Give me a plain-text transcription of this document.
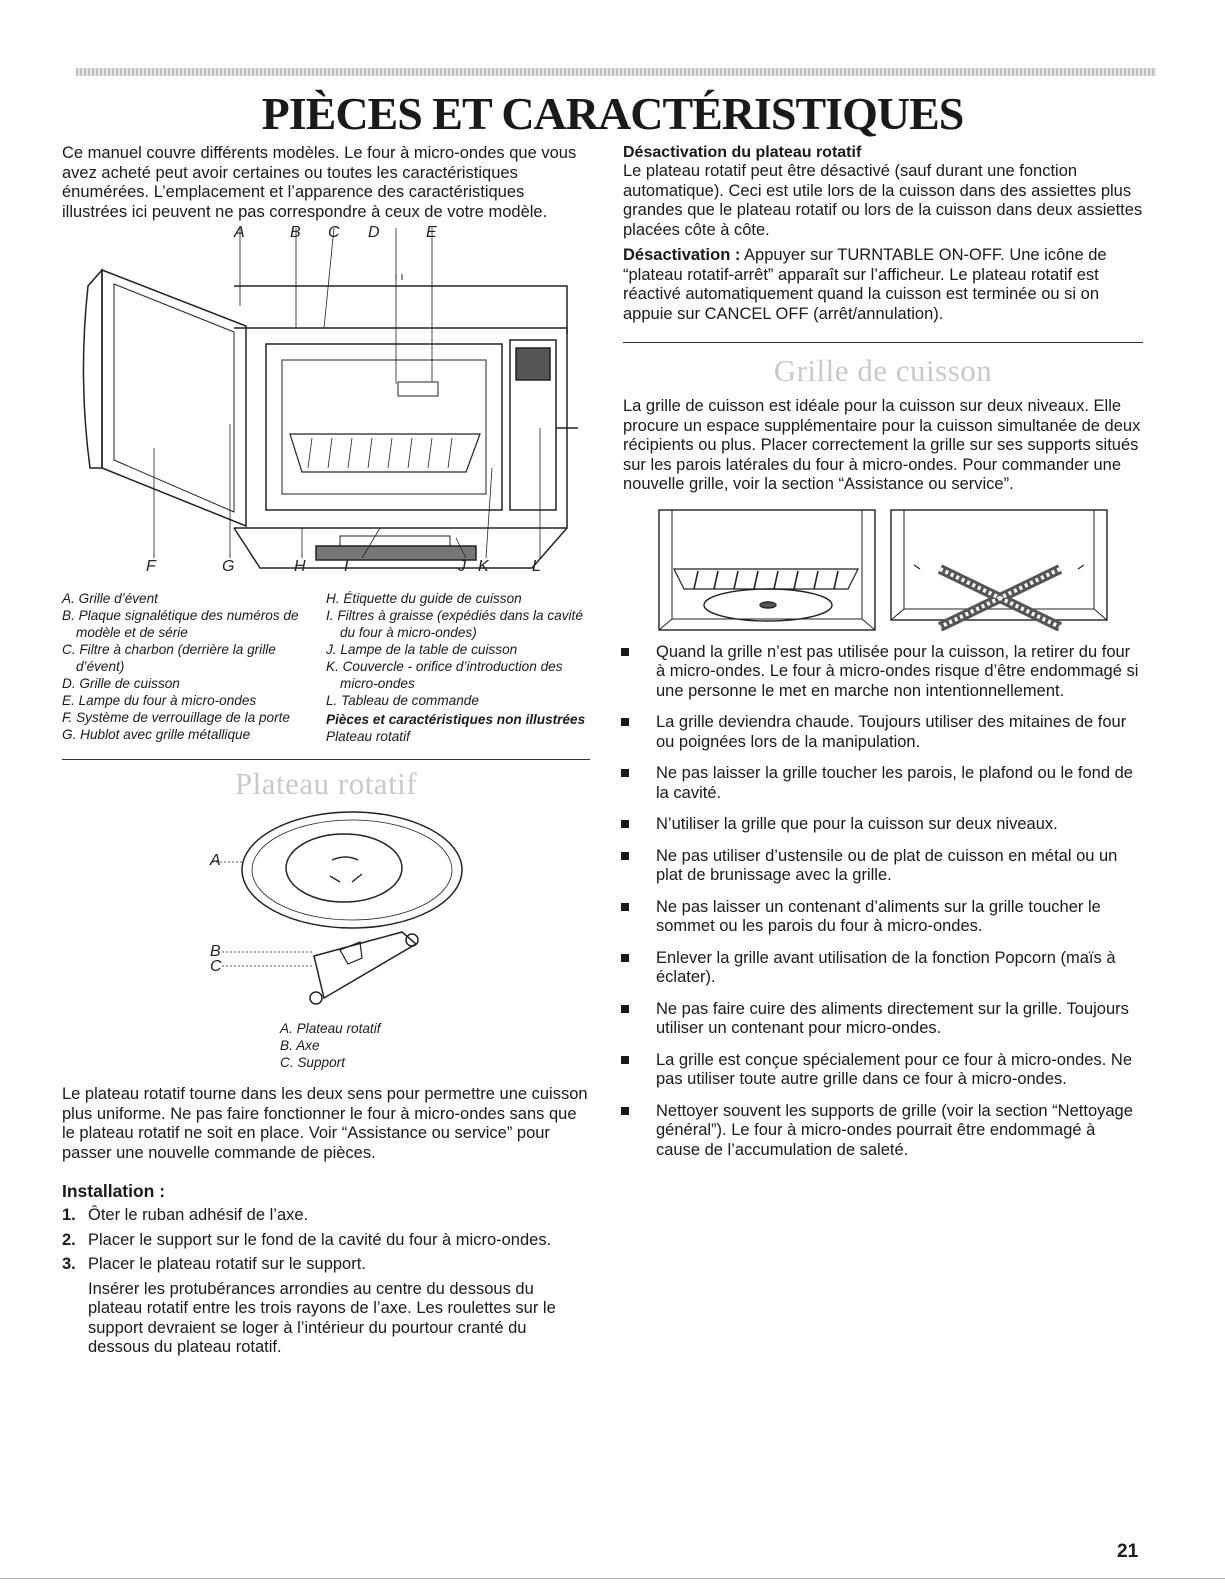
PIÈCES ET CARACTÉRISTIQUES

Ce manuel couvre différents modèles. Le four à micro-ondes que vous avez acheté peut avoir certaines ou toutes les caractéristiques énumérées. L’emplacement et l’apparence des caractéristiques illustrées ici peuvent ne pas correspondre à ceux de votre modèle.

A	B C D	E
F	G	H I	J K	L
A. Grille d’évent
B. Plaque signalétique des numéros de modèle et de série
C. Filtre à charbon (derrière la grille d’évent)
D. Grille de cuisson
E. Lampe du four à micro-ondes
F. Système de verrouillage de la porte
G. Hublot avec grille métallique
H. Étiquette du guide de cuisson
I. Filtres à graisse (expédiés dans la cavité du four à micro-ondes)
J. Lampe de la table de cuisson
K. Couvercle - orifice d’introduction des micro-ondes
L. Tableau de commande
Pièces et caractéristiques non illustrées
Plateau rotatif
Plateau rotatif
A
B
C
A. Plateau rotatif
B. Axe
C. Support

Le plateau rotatif tourne dans les deux sens pour permettre une cuisson plus uniforme. Ne pas faire fonctionner le four à micro-ondes sans que le plateau rotatif ne soit en place. Voir “Assistance ou service” pour passer une nouvelle commande de pièces.

Installation :
1. Ôter le ruban adhésif de l’axe.
2. Placer le support sur le fond de la cavité du four à micro-ondes.
3. Placer le plateau rotatif sur le support.

Insérer les protubérances arrondies au centre du dessous du plateau rotatif entre les trois rayons de l’axe. Les roulettes sur le support devraient se loger à l’intérieur du pourtour cranté du dessous du plateau rotatif.

Désactivation du plateau rotatif

Le plateau rotatif peut être désactivé (sauf durant une fonction automatique). Ceci est utile lors de la cuisson dans des assiettes plus grandes que le plateau rotatif ou lors de la cuisson dans deux assiettes placées côte à côte.

Désactivation : Appuyer sur TURNTABLE ON-OFF. Une icône de “plateau rotatif-arrêt” apparaît sur l’afficheur. Le plateau rotatif est réactivé automatiquement quand la cuisson est terminée ou si on appuie sur CANCEL OFF (arrêt/annulation).

Grille de cuisson

La grille de cuisson est idéale pour la cuisson sur deux niveaux. Elle procure un espace supplémentaire pour la cuisson simultanée de deux récipients ou plus. Placer correctement la grille sur ses supports situés sur les parois latérales du four à micro-ondes. Pour commander une nouvelle grille, voir la section “Assistance ou service”.

Quand la grille n’est pas utilisée pour la cuisson, la retirer du four à micro-ondes. Le four à micro-ondes risque d’être endommagé si une personne le met en marche non intentionnellement.
La grille deviendra chaude. Toujours utiliser des mitaines de four ou poignées lors de la manipulation.
Ne pas laisser la grille toucher les parois, le plafond ou le fond de la cavité.
N’utiliser la grille que pour la cuisson sur deux niveaux.
Ne pas utiliser d’ustensile ou de plat de cuisson en métal ou un plat de brunissage avec la grille.
Ne pas laisser un contenant d’aliments sur la grille toucher le sommet ou les parois du four à micro-ondes.
Enlever la grille avant utilisation de la fonction Popcorn (maïs à éclater).
Ne pas faire cuire des aliments directement sur la grille. Toujours utiliser un contenant pour micro-ondes.
La grille est conçue spécialement pour ce four à micro-ondes. Ne pas utiliser toute autre grille dans ce four à micro-ondes.
Nettoyer souvent les supports de grille (voir la section “Nettoyage général”). Le four à micro-ondes pourrait être endommagé à cause de l’accumulation de saleté.
21
